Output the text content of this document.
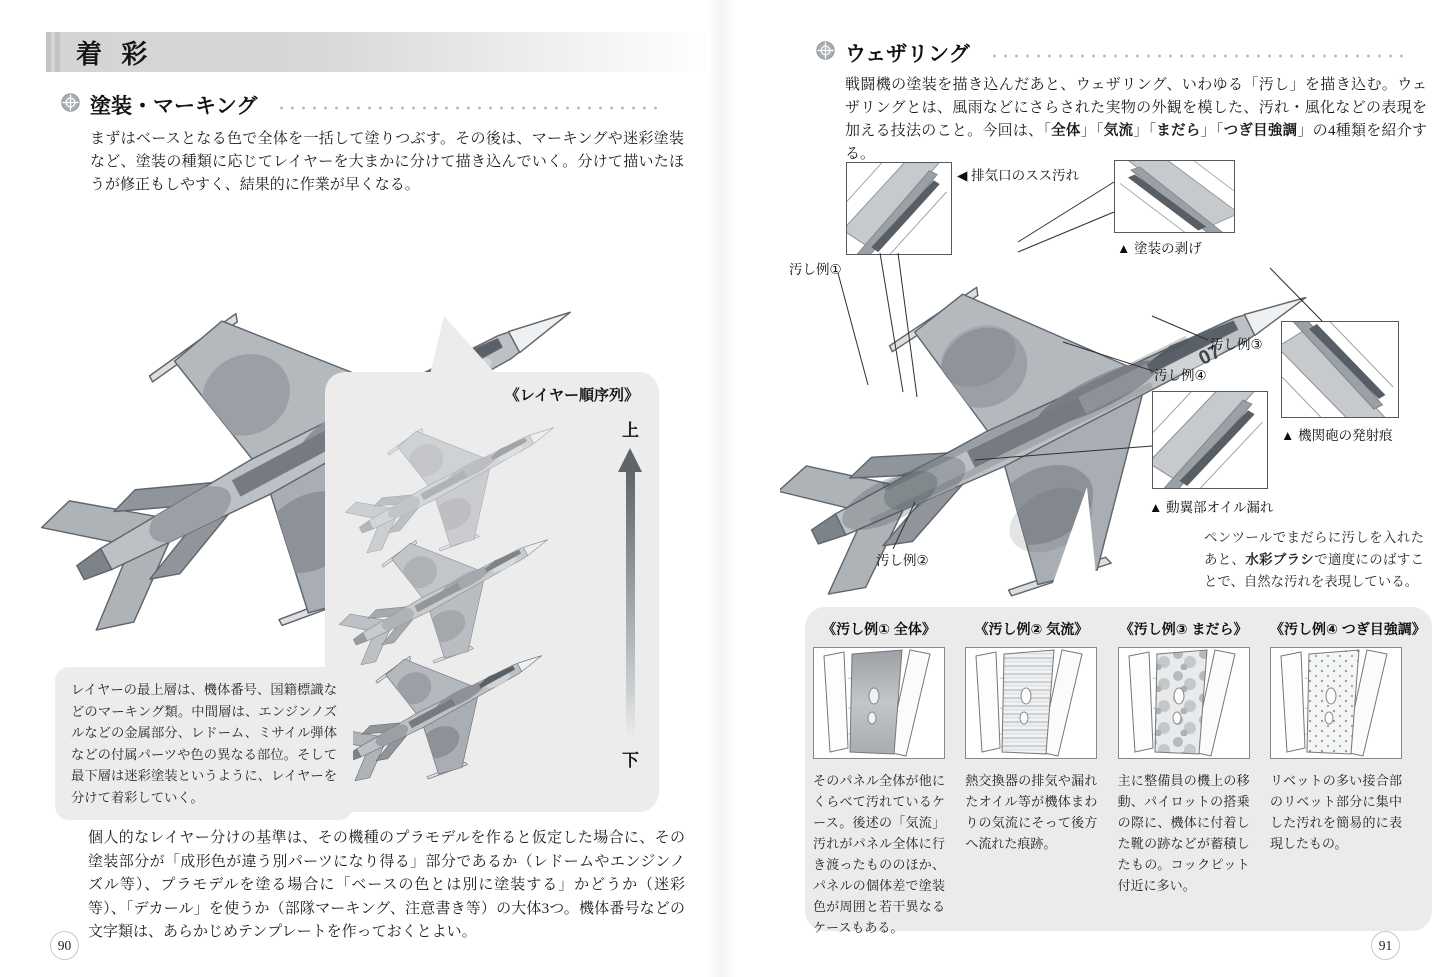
着 彩
塗装・マーキング
まずはベースとなる色で全体を一括して塗りつぶす。その後は、マーキングや迷彩塗装など、塗装の種類に応じてレイヤーを大まかに分けて描き込んでいく。分けて描いたほうが修正もしやすく、結果的に作業が早くなる。
《レイヤー順序列》
上
下
レイヤーの最上層は、機体番号、国籍標識などのマーキング類。中間層は、エンジンノズルなどの金属部分、レドーム、ミサイル弾体などの付属パーツや色の異なる部位。そして最下層は迷彩塗装というように、レイヤーを分けて着彩していく。
個人的なレイヤー分けの基準は、その機種のプラモデルを作ると仮定した場合に、その塗装部分が「成形色が違う別パーツになり得る」部分であるか（レドームやエンジンノズル等）、プラモデルを塗る場合に「ベースの色とは別に塗装する」かどうか（迷彩等）、「デカール」を使うか（部隊マーキング、注意書き等）の大体3つ。機体番号などの文字類は、あらかじめテンプレートを作っておくとよい。
90
ウェザリング
戦闘機の塗装を描き込んだあと、ウェザリング、いわゆる「汚し」を描き込む。ウェザリングとは、風雨などにさらされた実物の外観を模した、汚れ・風化などの表現を加える技法のこと。今回は、「全体」「気流」「まだら」「つぎ目強調」の4種類を紹介する。
07
◀ 排気口のスス汚れ
▲ 塗装の剥げ
汚し例①
汚し例③
汚し例④
▲ 機関砲の発射痕
▲ 動翼部オイル漏れ
汚し例②
ペンツールでまだらに汚しを入れたあと、水彩ブラシで適度にのばすことで、自然な汚れを表現している。
《汚し例① 全体》
そのパネル全体が他にくらべて汚れているケース。後述の「気流」汚れがパネル全体に行き渡ったもののほか、パネルの個体差で塗装色が周囲と若干異なるケースもある。
《汚し例② 気流》
熱交換器の排気や漏れたオイル等が機体まわりの気流にそって後方へ流れた痕跡。
《汚し例③ まだら》
主に整備員の機上の移動、パイロットの搭乗の際に、機体に付着した靴の跡などが蓄積したもの。コックピット付近に多い。
《汚し例④ つぎ目強調》
リベットの多い接合部のリベット部分に集中した汚れを簡易的に表現したもの。
91
